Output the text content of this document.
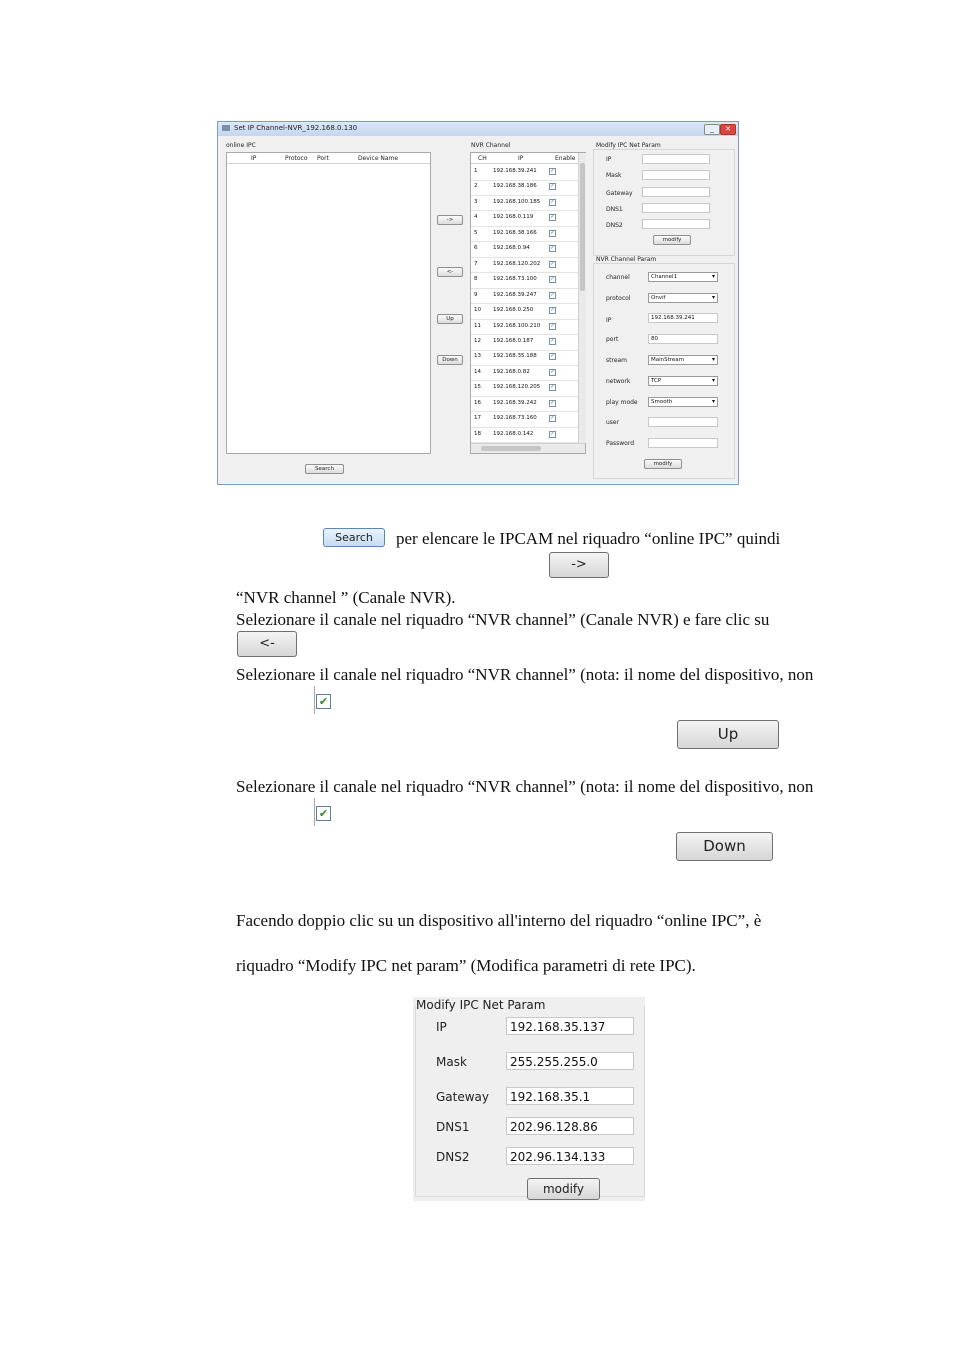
Set IP Channel-NVR_192.168.0.130	_	✕
online IPC
IP	Protoco Port	Device Name
Search
->
<-
Up
Down
NVR Channel
CH	IP	Enable
1	192.168.39.241	✓
2	192.168.38.186	✓
3	192.168.100.185 ✓
4	192.168.0.119	✓
5	192.168.38.166	✓
6	192.168.0.94	✓
7	192.168.120.202 ✓
8	192.168.73.100	✓
9	192.168.39.247	✓
10 192.168.0.250	✓
11 192.168.100.210 ✓
12 192.168.0.187	✓
13 192.168.35.188	✓
14 192.168.0.82	✓
15 192.168.120.205 ✓
16 192.168.39.242	✓
17 192.168.73.160	✓
18 192.168.0.142	✓
Modify IPC Net Param
IP
Mask
Gateway
DNS1
DNS2
modify
NVR Channel Param
channel	Channel1 ▾
protocol	Onvif ▾
IP	192.168.39.241
port	80
stream	MainStream ▾
network	TCP ▾
play mode	Smooth ▾
user
Password
modify
Search	per elencare le IPCAM nel riquadro “online IPC” quindi
->
“NVR channel ” (Canale NVR).
Selezionare il canale nel riquadro “NVR channel” (Canale NVR) e fare clic su
<-
Selezionare il canale nel riquadro “NVR channel” (nota: il nome del dispositivo, non
✔
Up
Selezionare il canale nel riquadro “NVR channel” (nota: il nome del dispositivo, non
✔
Down
Facendo doppio clic su un dispositivo all'interno del riquadro “online IPC”, è
riquadro “Modify IPC net param” (Modifica parametri di rete IPC).
Modify IPC Net Param
IP	192.168.35.137
Mask	255.255.255.0
Gateway	192.168.35.1
DNS1	202.96.128.86
DNS2	202.96.134.133
modify
